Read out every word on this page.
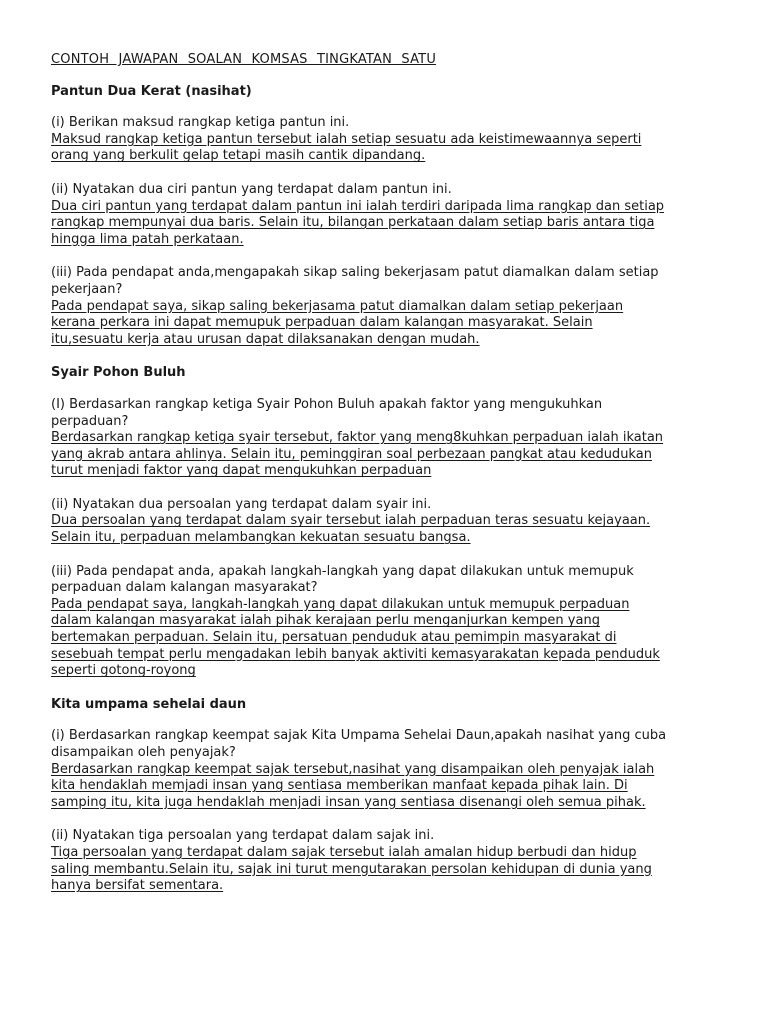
CONTOH JAWAPAN SOALAN KOMSAS TINGKATAN SATU
Pantun Dua Kerat (nasihat)

(i) Berikan maksud rangkap ketiga pantun ini.

Maksud rangkap ketiga pantun tersebut ialah setiap sesuatu ada keistimewaannya seperti
orang yang berkulit gelap tetapi masih cantik dipandang.

(ii) Nyatakan dua ciri pantun yang terdapat dalam pantun ini.

Dua ciri pantun yang terdapat dalam pantun ini ialah terdiri daripada lima rangkap dan setiap
rangkap mempunyai dua baris. Selain itu, bilangan perkataan dalam setiap baris antara tiga
hingga lima patah perkataan.

(iii) Pada pendapat anda,mengapakah sikap saling bekerjasam patut diamalkan dalam setiap
pekerjaan?

Pada pendapat saya, sikap saling bekerjasama patut diamalkan dalam setiap pekerjaan
kerana perkara ini dapat memupuk perpaduan dalam kalangan masyarakat. Selain
itu,sesuatu kerja atau urusan dapat dilaksanakan dengan mudah.

Syair Pohon Buluh

(I) Berdasarkan rangkap ketiga Syair Pohon Buluh apakah faktor yang mengukuhkan
perpaduan?

Berdasarkan rangkap ketiga syair tersebut, faktor yang meng8kuhkan perpaduan ialah ikatan
yang akrab antara ahlinya. Selain itu, peminggiran soal perbezaan pangkat atau kedudukan
turut menjadi faktor yang dapat mengukuhkan perpaduan

(ii) Nyatakan dua persoalan yang terdapat dalam syair ini.

Dua persoalan yang terdapat dalam syair tersebut ialah perpaduan teras sesuatu kejayaan.
Selain itu, perpaduan melambangkan kekuatan sesuatu bangsa.

(iii) Pada pendapat anda, apakah langkah-langkah yang dapat dilakukan untuk memupuk
perpaduan dalam kalangan masyarakat?

Pada pendapat saya, langkah-langkah yang dapat dilakukan untuk memupuk perpaduan
dalam kalangan masyarakat ialah pihak kerajaan perlu menganjurkan kempen yang
bertemakan perpaduan. Selain itu, persatuan penduduk atau pemimpin masyarakat di
sesebuah tempat perlu mengadakan lebih banyak aktiviti kemasyarakatan kepada penduduk
seperti gotong-royong

Kita umpama sehelai daun

(i) Berdasarkan rangkap keempat sajak Kita Umpama Sehelai Daun,apakah nasihat yang cuba
disampaikan oleh penyajak?

Berdasarkan rangkap keempat sajak tersebut,nasihat yang disampaikan oleh penyajak ialah
kita hendaklah memjadi insan yang sentiasa memberikan manfaat kepada pihak lain. Di
samping itu, kita juga hendaklah menjadi insan yang sentiasa disenangi oleh semua pihak.

(ii) Nyatakan tiga persoalan yang terdapat dalam sajak ini.

Tiga persoalan yang terdapat dalam sajak tersebut ialah amalan hidup berbudi dan hidup
saling membantu.Selain itu, sajak ini turut mengutarakan persolan kehidupan di dunia yang
hanya bersifat sementara.
